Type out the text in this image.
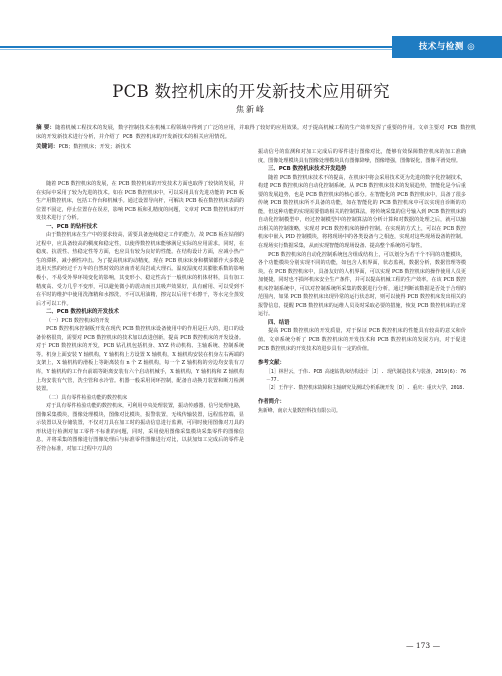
技术与检测 ◎
PCB 数控机床的开发新技术应用研究
焦新峰
摘 要：随着机械工程技术的发展，数字控制技术在机械工程领域中得到了广泛的应用，并取得了较好的应用效果。对于提高机械工程的生产效率发挥了重要的作用。文章主要对 PCB 数控机床的开发新技术进行分析，并介绍了 PCB 数控机床的开发新技术的相关应用情况。
关键词：PCB；数控机床；开发；新技术

随着 PCB 数控机床的发展，在 PCB 数控机床的开发技术方面也取得了较快的发展，并在实际中采用了较为先进的技术。如在 PCB 数控机床中，可以采用具有先进功能的 PCB 板生产用数控机床，包括工作台和机械手。通过设置导向杆，可解决 PCB 板在数控机床表面的位置不固定，停止位置存在误差，影响 PCB 板和孔精度的问题，文章对 PCB 数控机床的开发技术进行了分析。

一、PCB 的钻杆技术

由于数控机床在生产中的要求较高，需要具备连续稳定工作的能力，故 PCB 板在钻削的过程中，应具备较高的稠度和稳定性，以使得数控机床能够满足实际的应用需求。同时，在稳度、抗震性、热稳定性等方面，也应具有较为良好的性能。在结构设计方面，应减小热产生的滞移，减小颤性冲击。为了提高机床的动精度，现在 PCB 机床床身和横梁都作大多数是选用天然的经过千万年的自然时效的济南青花岗岩或大理石。温度湿度对其膨胀系数的影响极小，不易受外界环境变化的影响，其变形小、稳定性高于一般机床的机体材料，具有加工精度高、受力几乎不变形，可以避免微小的震动而且其吸声效果好，具有耐用、可以受到不在平时的维护中使用洗涤精和水擦洗，不可以用油精，擦完以后用干布擦干，等水完全蒸发后才可以工作。

二、PCB 数控机床的开发技术
（一）PCB 数控机床的开发

PCB 数控机床控制板开发在现代 PCB 数控机床设备使用中的作用是巨大的，进口的设备价格很贵，需要对 PCB 数控机床的技术加以改进创新，提高 PCB 数控机床的开发设备。对于 PCB 数控机床的开发，PCB 钻孔机包括机身、XYZ 传动机构、主轴系统、控制系统等。机身上面安装 Y 轴机构，Y 轴机构上方设置 X 轴机构，X 轴机构安装在机身左右两端的支架上，X 轴机构的滑板上等距离装有 n 个 Z 轴机构，每一个 Z 轴机构的旁边均安装有刀库，Y 轴机构的工作台前端等距离安装有六个启动机械手，X 轴机构，Y 轴机构和 Z 轴机构上均安装有气管，洗尘管和水冷管。机器一般采用闭环控制，配备自动换刀装置和断刀检测装置。

（二）具有零件检验功能的数控机床

对于具有零件检验功能的数控机床，可利用中央处理装置，振动传感器，信号处理电路，图像采集模块，图像处理模块，图像对比模块，报警装置，无线传输装置，远程监控端，显示装置以及存储装置，不仅对刀具在加工时的振动信息进行监测，可同时使用图像对刀具的形状进行检测对加工零件不标准的问题，同时，采用使用图像采集模块采集零件的图像信息，并将采集的图像进行图像处理后与标准零件图像进行对比，以获加知工完成后的零件是否符合标准，对加工过程中刀具的

振动信号的监测和对加工完成后的零件进行图像对比，能够有效保障数控机床的加工准确度，图像处理模块具有图像处理模块具有图像降噪，图像增强，图像锐化，图像平滑处理。

三、PCB 数控机床技术开发趋势

随着 PCB 数控机床技术不的提高，在机床中将会采用技术更为先进的数字化控制技术，构建 PCB 数控机床的自动化控制系统。从 PCB 数控机床技术的发展趋势，智能化是今后重要的发展趋势，也是 PCB 数控机床的核心部分。在智能化的 PCB 数控机床中，具备了很多传统 PCB 数控机床所不具备的功能，如在智能化的 PCB 数控机床中可以实现自诊断的功能，但这种功能的实现需要借助相关的控制算法，将传统采集的信号输入到 PCB 数控机床的自动化控制模型中，经过控制模型中的控制算法的分析计算和对数据的处理之后，就可以输出相关的控制策略，实现对 PCB 数控机床的操作控制。在实现的方式上，可以在 PCB 数控机床中嵌入 PID 控制模块，将将现场中的各类设备与之相连，实现对这些现场设备的控制。在现场实行数据采集，从而实现智能的现场设备、提高整个系统的可靠性。

PCB 数控机床的自动化控制系统包含组成结构上，可以划分为若干个不同的功能模块，各个功能模块分别实现不同的功能，如包含人机界面，状态监视，数据分析，数据管理等模块。在 PCB 数控机床中，具备友好的人机界面，可以实现 PCB 数控机床的操作使用人员更加便捷，同时也不损坏机床安全生产条件，并可以提高机械工程的生产效率。在该 PCB 数控机床控制系统中，可以对控制系统所采集的数据进行分析，通过判断该数据是否处于合理的范围内，如果 PCB 数控机床出现异常的运行状态时，则可以使得 PCB 数控机床发出相关的报警信息，提醒 PCB 数控机床的运维人员及时采取必要的措施，恢复 PCB 数控机床的正常运行。

四、结语

提高 PCB 数控机床的开发质量，对于保证 PCB 数控机床的性能具有较高的意义和价值。文章系统分析了 PCB 数控机床的开发技术和 PCB 数控机床的发展方向，对于促进 PCB 数控机床的开发技术的进步具有一定的价值。

参考文献：

［1］林世云，于伟. PCB 高速钻铣床结构设计［J］. 现代制造技术与装备，2019(6)：76－77.

［2］王作宇. 数控机床故障和主轴研究及测试分析系统开发［D］. 重庆：重庆大学，2018.

作者简介：

焦新峰，南京大量数控科技有限公司。

— 173 —
